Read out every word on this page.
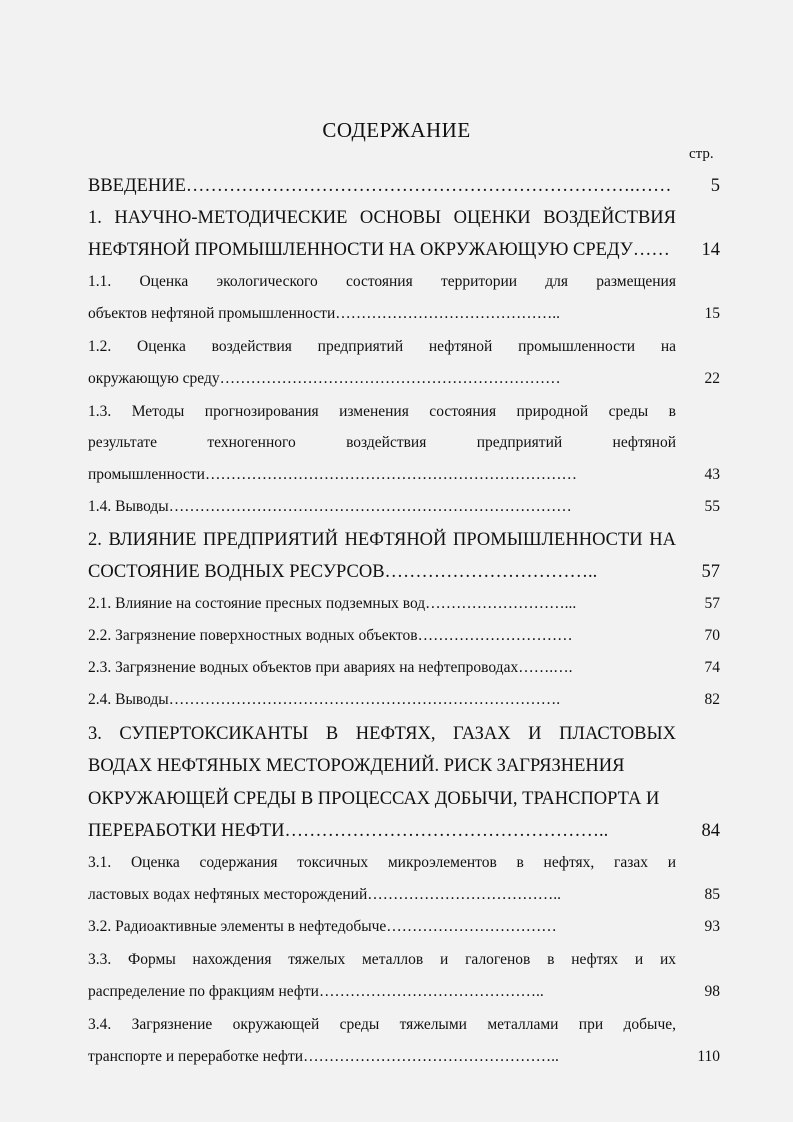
СОДЕРЖАНИЕ
стр.
ВВЕДЕНИЕ……………………………………………………………….……	5
1. НАУЧНО-МЕТОДИЧЕСКИЕ ОСНОВЫ ОЦЕНКИ ВОЗДЕЙСТВИЯ
НЕФТЯНОЙ ПРОМЫШЛЕННОСТИ НА ОКРУЖАЮЩУЮ СРЕДУ……	14
1.1. Оценка экологического состояния территории для размещения
объектов нефтяной промышленности……………………………………..	15
1.2. Оценка воздействия предприятий нефтяной промышленности на
окружающую среду…………………………………………………………	22
1.3. Методы прогнозирования изменения состояния природной среды в
результате техногенного воздействия предприятий нефтяной
промышленности………………………………………………………………	43
1.4. Выводы……………………………………………………………………	55
2. ВЛИЯНИЕ ПРЕДПРИЯТИЙ НЕФТЯНОЙ ПРОМЫШЛЕННОСТИ НА
СОСТОЯНИЕ ВОДНЫХ РЕСУРСОВ……………………………..	57
2.1. Влияние на состояние пресных подземных вод………………………...	57
2.2. Загрязнение поверхностных водных объектов…………………………	70
2.3. Загрязнение водных объектов при авариях на нефтепроводах…….….	74
2.4. Выводы………………………………………………………………….	82
3. СУПЕРТОКСИКАНТЫ В НЕФТЯХ, ГАЗАХ И ПЛАСТОВЫХ
ВОДАХ НЕФТЯНЫХ МЕСТОРОЖДЕНИЙ. РИСК ЗАГРЯЗНЕНИЯ
ОКРУЖАЮЩЕЙ СРЕДЫ В ПРОЦЕССАХ ДОБЫЧИ, ТРАНСПОРТА И
ПЕРЕРАБОТКИ НЕФТИ……………………………………………..	84
3.1. Оценка содержания токсичных микроэлементов в нефтях, газах и
ластовых водах нефтяных месторождений………………………………..	85
3.2. Радиоактивные элементы в нефтедобыче……………………………	93
3.3. Формы нахождения тяжелых металлов и галогенов в нефтях и их
распределение по фракциям нефти……………………………………..	98
3.4. Загрязнение окружающей среды тяжелыми металлами при добыче,
транспорте и переработке нефти…………………………………………..	110
